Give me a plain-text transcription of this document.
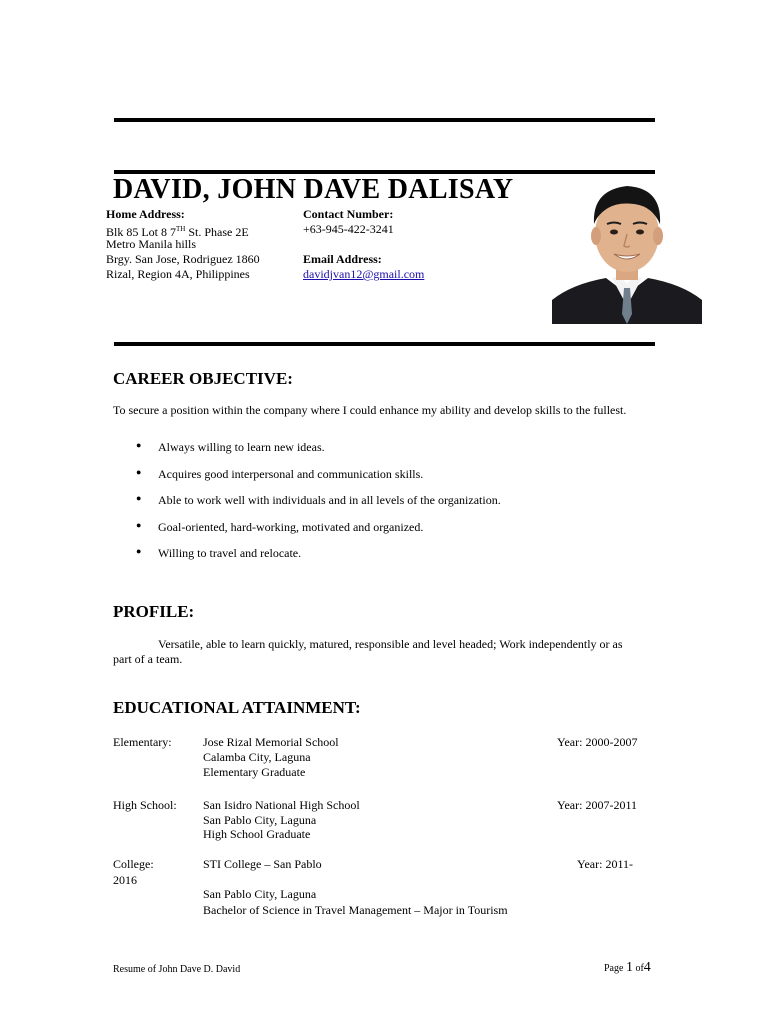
DAVID, JOHN DAVE DALISAY
Home Address:
Blk 85 Lot 8 7TH St. Phase 2E
Metro Manila hills
Brgy. San Jose, Rodriguez 1860
Rizal, Region 4A, Philippines
Contact Number:
+63-945-422-3241
Email Address:
davidjvan12@gmail.com
CAREER OBJECTIVE:
To secure a position within the company where I could enhance my ability and develop skills to the fullest.
● Always willing to learn new ideas.
● Acquires good interpersonal and communication skills.
● Able to work well with individuals and in all levels of the organization.
● Goal-oriented, hard-working, motivated and organized.
● Willing to travel and relocate.
PROFILE:
Versatile, able to learn quickly, matured, responsible and level headed; Work independently or as
part of a team.
EDUCATIONAL ATTAINMENT:
Elementary:	Jose Rizal Memorial School
Calamba City, Laguna
Elementary Graduate
Year: 2000-2007
High School: San Isidro National High School
San Pablo City, Laguna
High School Graduate
Year: 2007-2011
College:	STI College – San Pablo	Year: 2011-
2016
San Pablo City, Laguna
Bachelor of Science in Travel Management – Major in Tourism
Resume of John Dave D. David	Page 1 of4
